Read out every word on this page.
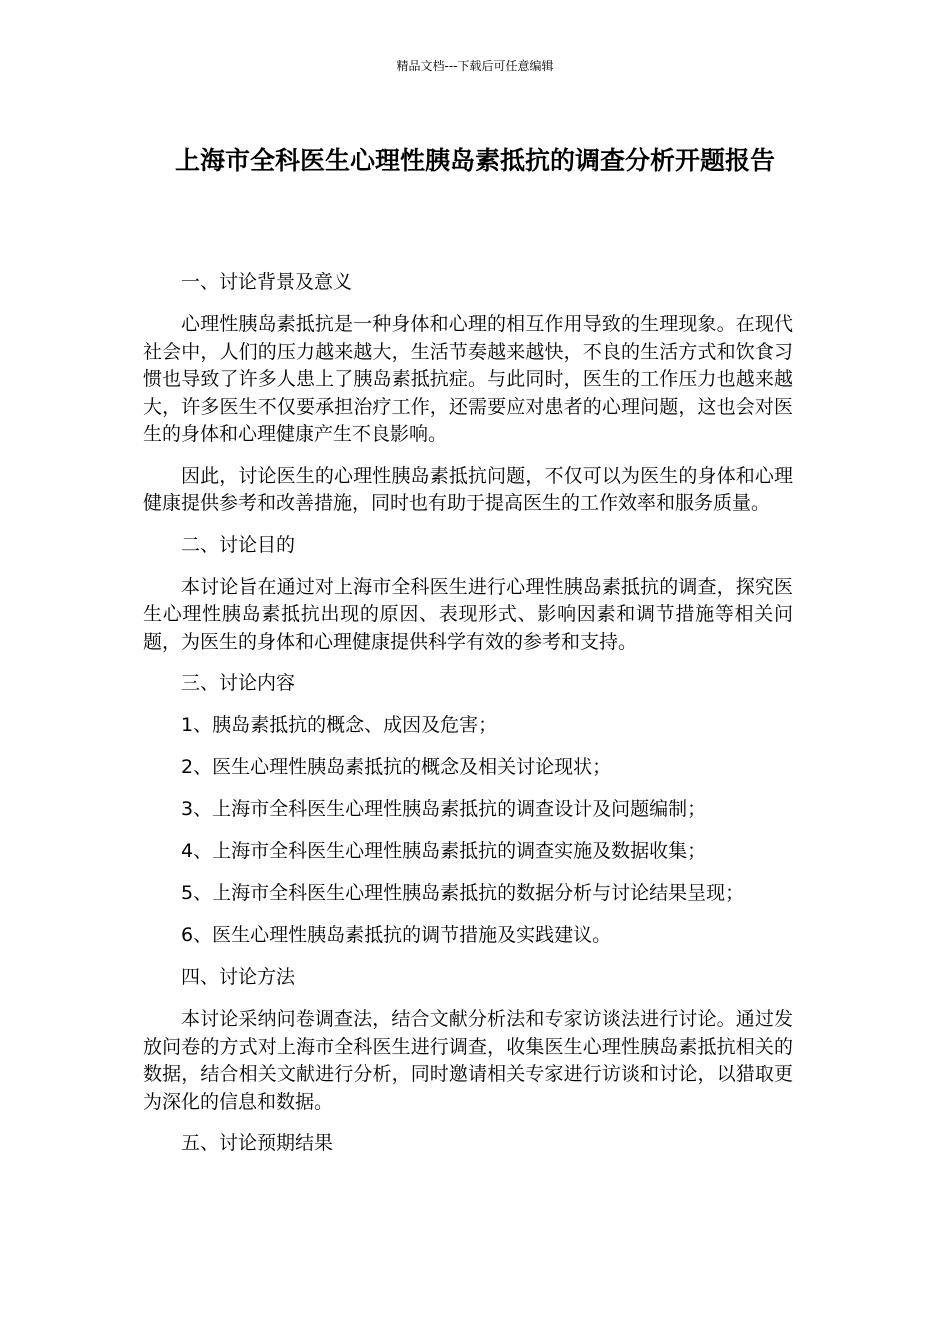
精品文档---下载后可任意编辑
上海市全科医生心理性胰岛素抵抗的调查分析开题报告

一、讨论背景及意义

心理性胰岛素抵抗是一种身体和心理的相互作用导致的生理现象。在现代社会中，人们的压力越来越大，生活节奏越来越快，不良的生活方式和饮食习惯也导致了许多人患上了胰岛素抵抗症。与此同时，医生的工作压力也越来越大，许多医生不仅要承担治疗工作，还需要应对患者的心理问题，这也会对医生的身体和心理健康产生不良影响。

因此，讨论医生的心理性胰岛素抵抗问题，不仅可以为医生的身体和心理健康提供参考和改善措施，同时也有助于提高医生的工作效率和服务质量。

二、讨论目的

本讨论旨在通过对上海市全科医生进行心理性胰岛素抵抗的调查，探究医生心理性胰岛素抵抗出现的原因、表现形式、影响因素和调节措施等相关问题，为医生的身体和心理健康提供科学有效的参考和支持。

三、讨论内容

1、胰岛素抵抗的概念、成因及危害；

2、医生心理性胰岛素抵抗的概念及相关讨论现状；

3、上海市全科医生心理性胰岛素抵抗的调查设计及问题编制；

4、上海市全科医生心理性胰岛素抵抗的调查实施及数据收集；

5、上海市全科医生心理性胰岛素抵抗的数据分析与讨论结果呈现；

6、医生心理性胰岛素抵抗的调节措施及实践建议。

四、讨论方法

本讨论采纳问卷调查法，结合文献分析法和专家访谈法进行讨论。通过发放问卷的方式对上海市全科医生进行调查，收集医生心理性胰岛素抵抗相关的数据，结合相关文献进行分析，同时邀请相关专家进行访谈和讨论，以猎取更为深化的信息和数据。

五、讨论预期结果
